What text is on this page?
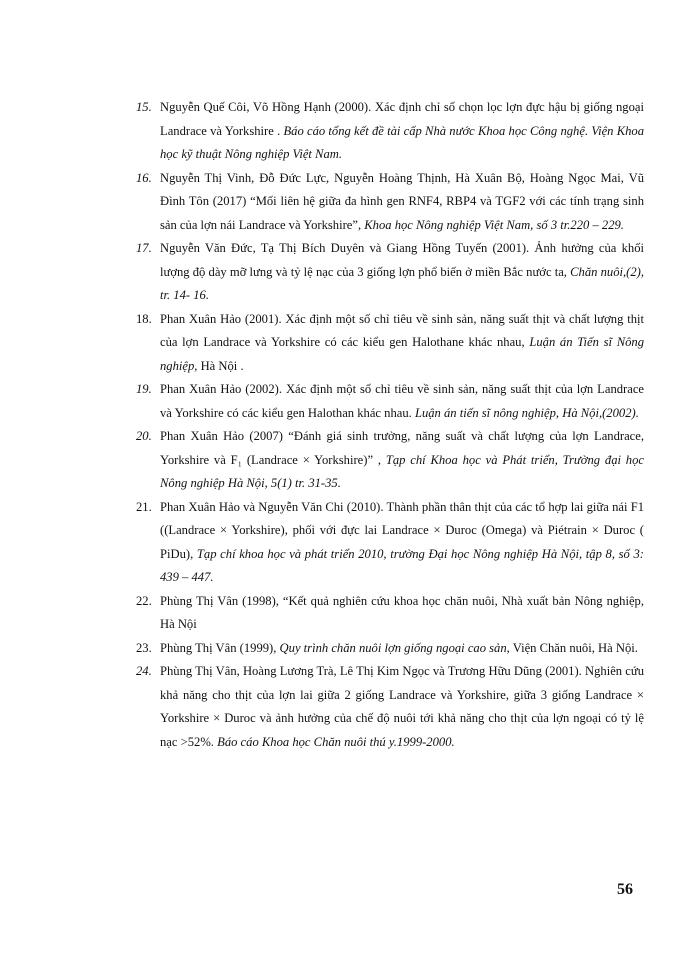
15. Nguyễn Quế Côi, Võ Hồng Hạnh (2000). Xác định chỉ số chọn lọc lợn đực hậu bị giống ngoại Landrace và Yorkshire . Báo cáo tổng kết đề tài cấp Nhà nước Khoa học Công nghệ. Viện Khoa học kỹ thuật Nông nghiệp Việt Nam.
16. Nguyễn Thị Vinh, Đỗ Đức Lực, Nguyễn Hoàng Thịnh, Hà Xuân Bộ, Hoàng Ngọc Mai, Vũ Đình Tôn (2017) “Mối liên hệ giữa đa hình gen RNF4, RBP4 và TGF2 với các tính trạng sinh sản của lợn nái Landrace và Yorkshire”, Khoa học Nông nghiệp Việt Nam, số 3 tr.220 – 229.
17. Nguyễn Văn Đức, Tạ Thị Bích Duyên và Giang Hồng Tuyến (2001). Ảnh hưởng của khối lượng độ dày mỡ lưng và tỷ lệ nạc của 3 giống lợn phổ biến ở miền Bắc nước ta, Chăn nuôi,(2), tr. 14- 16.
18. Phan Xuân Hảo (2001). Xác định một số chỉ tiêu về sinh sản, năng suất thịt và chất lượng thịt của lợn Landrace và Yorkshire có các kiểu gen Halothane khác nhau, Luận án Tiến sĩ Nông nghiệp, Hà Nội .
19. Phan Xuân Hảo (2002). Xác định một số chỉ tiêu về sinh sản, năng suất thịt của lợn Landrace và Yorkshire có các kiểu gen Halothan khác nhau. Luận án tiến sĩ nông nghiệp, Hà Nội,(2002).
20. Phan Xuân Hảo (2007) “Đánh giá sinh trưởng, năng suất và chất lượng của lợn Landrace, Yorkshire và F₁ (Landrace × Yorkshire)” , Tạp chí Khoa học và Phát triển, Trường đại học Nông nghiệp Hà Nội, 5(1) tr. 31-35.
21. Phan Xuân Hảo và Nguyễn Văn Chi (2010). Thành phần thân thịt của các tổ hợp lai giữa nái F1 ((Landrace × Yorkshire), phối với đực lai Landrace × Duroc (Omega) và Piétrain × Duroc ( PiDu), Tạp chí khoa học và phát triển 2010, trường Đại học Nông nghiệp Hà Nội, tập 8, số 3: 439 – 447.
22. Phùng Thị Vân (1998), “Kết quả nghiên cứu khoa học chăn nuôi, Nhà xuất bản Nông nghiệp, Hà Nội
23. Phùng Thị Vân (1999), Quy trình chăn nuôi lợn giống ngoại cao sản, Viện Chăn nuôi, Hà Nội.
24. Phùng Thị Vân, Hoàng Lương Trà, Lê Thị Kim Ngọc và Trương Hữu Dũng (2001). Nghiên cứu khả năng cho thịt của lợn lai giữa 2 giống Landrace và Yorkshire, giữa 3 giống Landrace × Yorkshire × Duroc và ảnh hưởng của chế độ nuôi tới khả năng cho thịt của lợn ngoại có tỷ lệ nạc >52%. Báo cáo Khoa học Chăn nuôi thú y.1999-2000.
56
